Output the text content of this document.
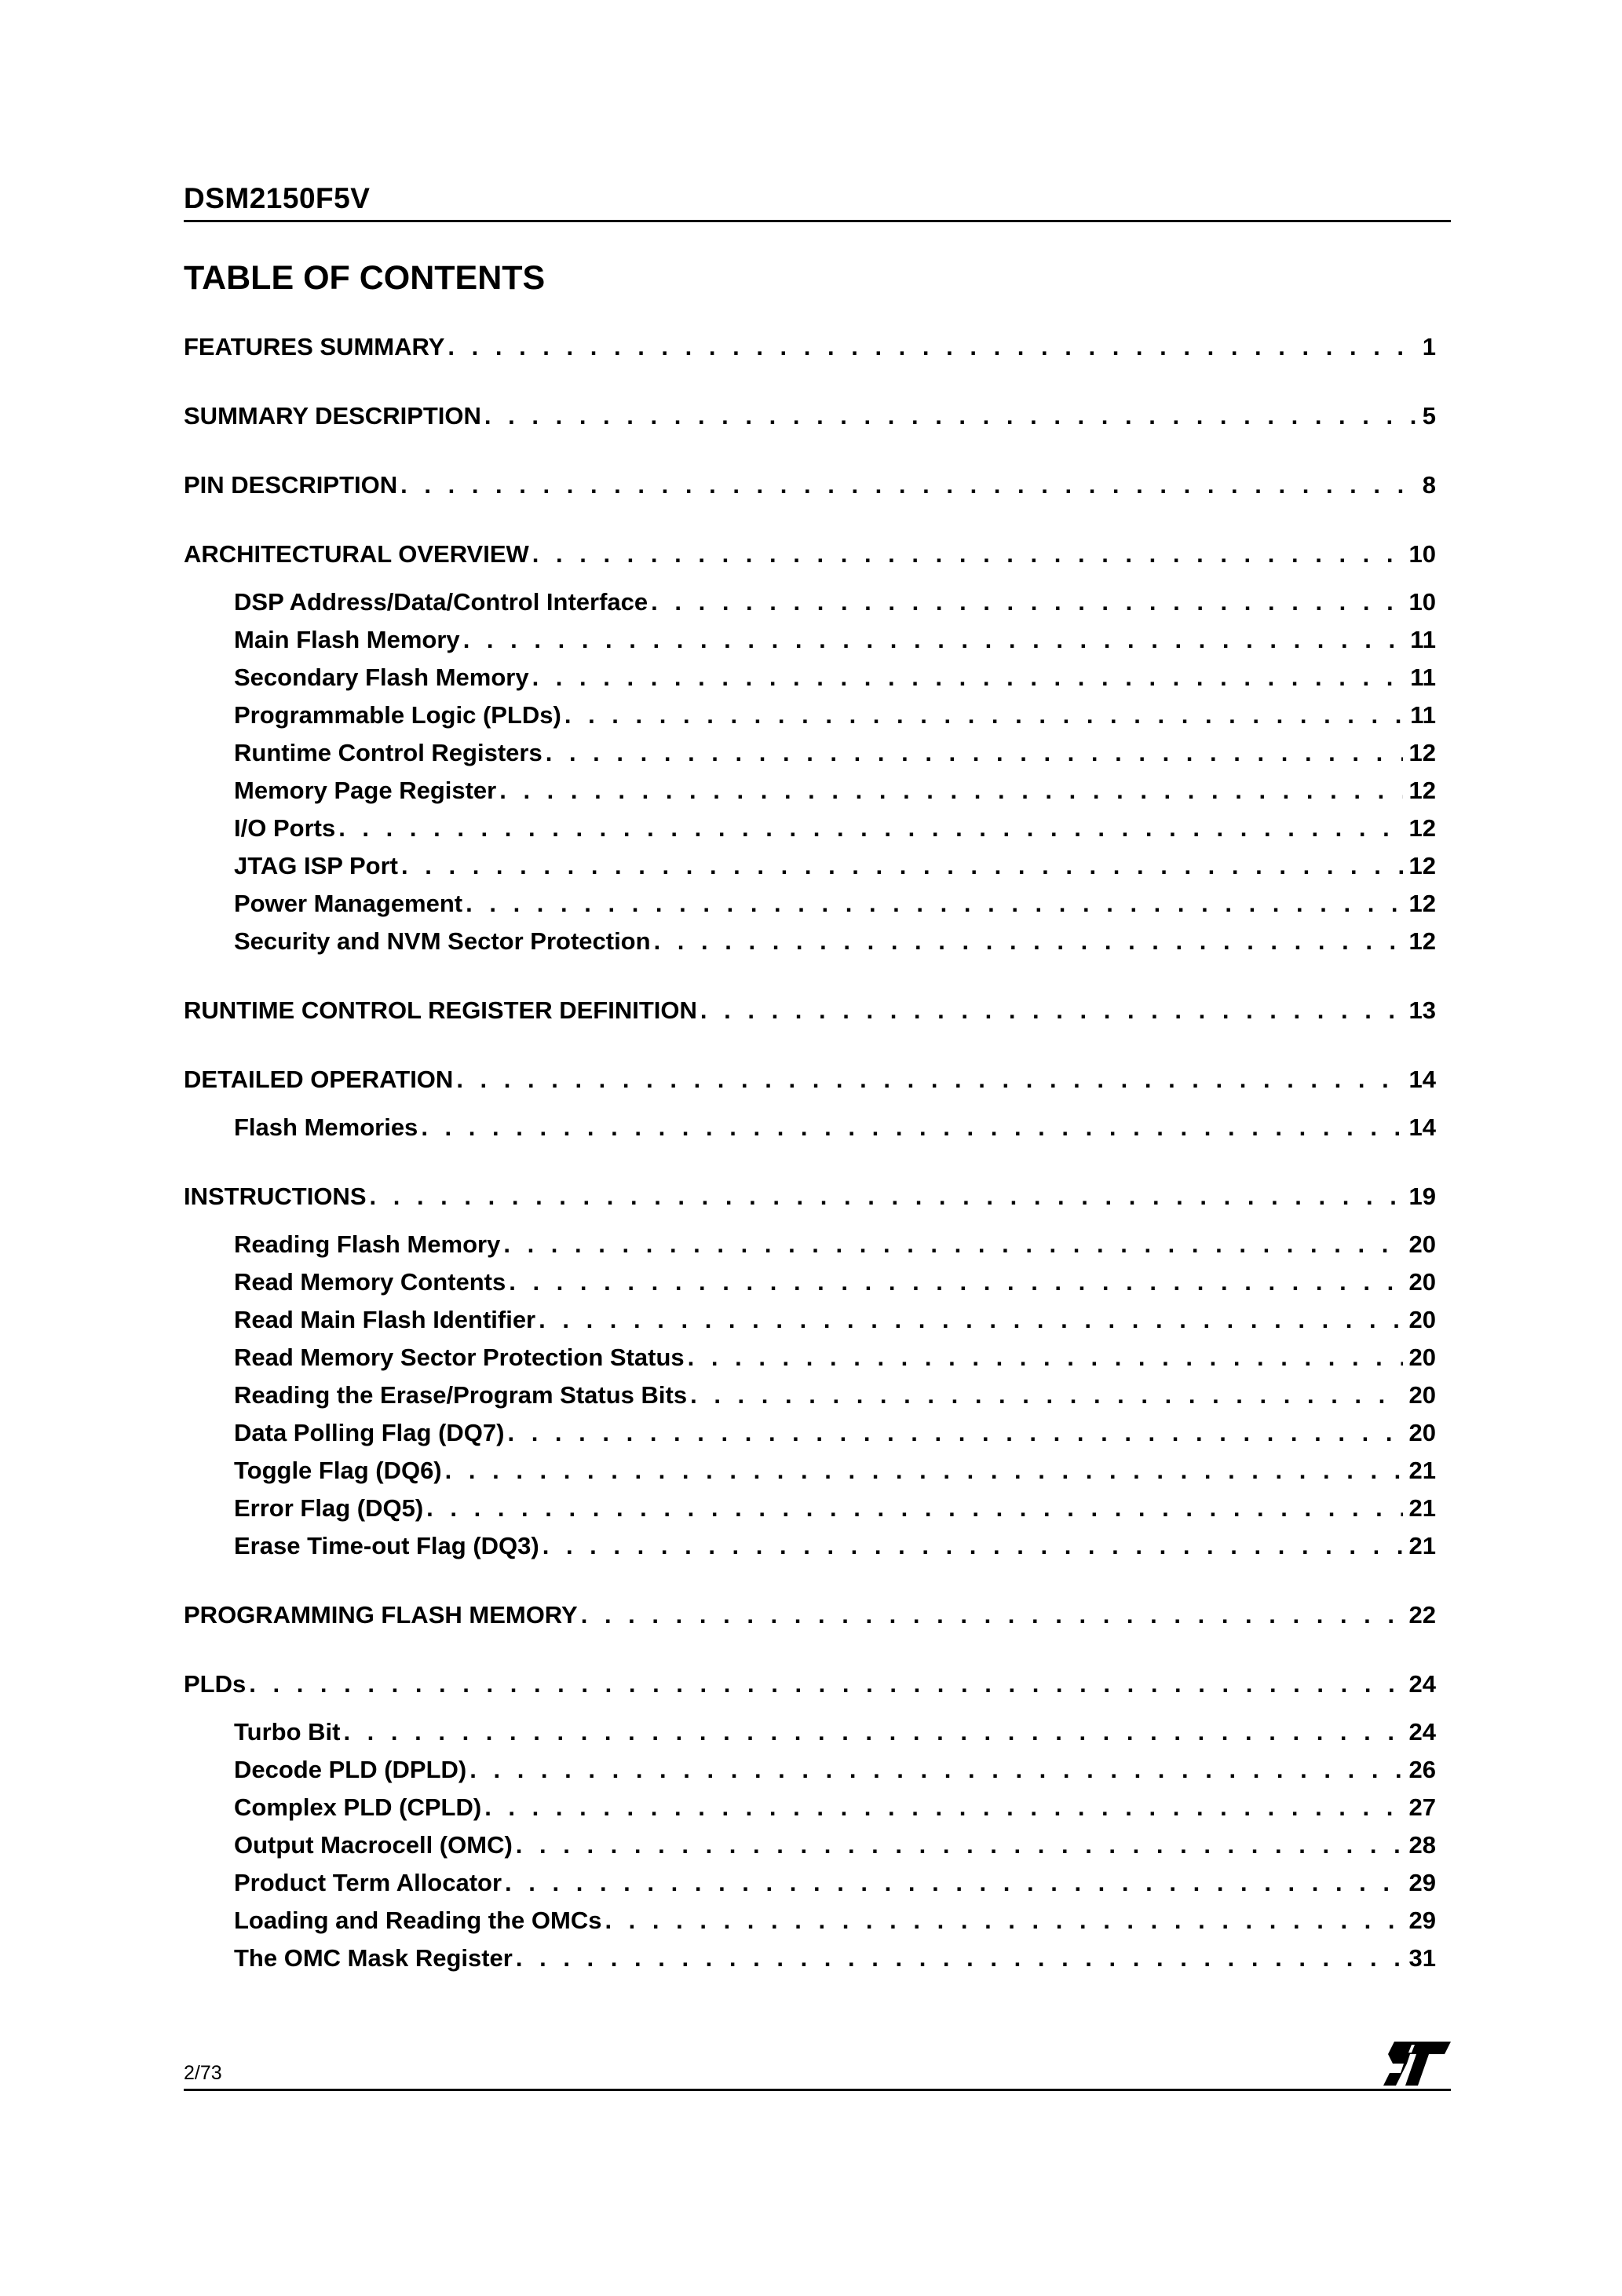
DSM2150F5V
TABLE OF CONTENTS
FEATURES SUMMARY . . .	1
SUMMARY DESCRIPTION . . .	5
PIN DESCRIPTION . . .	8
ARCHITECTURAL OVERVIEW . . .	10
DSP Address/Data/Control Interface . . .	10
Main Flash Memory . . .	11
Secondary Flash Memory . . .	11
Programmable Logic (PLDs) . . .	11
Runtime Control Registers . . .	12
Memory Page Register . . .	12
I/O Ports . . .	12
JTAG ISP Port . . .	12
Power Management . . .	12
Security and NVM Sector Protection . . .	12
RUNTIME CONTROL REGISTER DEFINITION . . .	13
DETAILED OPERATION . . .	14
Flash Memories . . .	14
INSTRUCTIONS . . .	19
Reading Flash Memory . . .	20
Read Memory Contents . . .	20
Read Main Flash Identifier . . .	20
Read Memory Sector Protection Status . . .	20
Reading the Erase/Program Status Bits . . .	20
Data Polling Flag (DQ7) . . .	20
Toggle Flag (DQ6) . . .	21
Error Flag (DQ5) . . .	21
Erase Time-out Flag (DQ3) . . .	21
PROGRAMMING FLASH MEMORY . . .	22
PLDs . . .	24
Turbo Bit . . .	24
Decode PLD (DPLD) . . .	26
Complex PLD (CPLD) . . .	27
Output Macrocell (OMC) . . .	28
Product Term Allocator . . .	29
Loading and Reading the OMCs . . .	29
The OMC Mask Register . . .	31
2/73
